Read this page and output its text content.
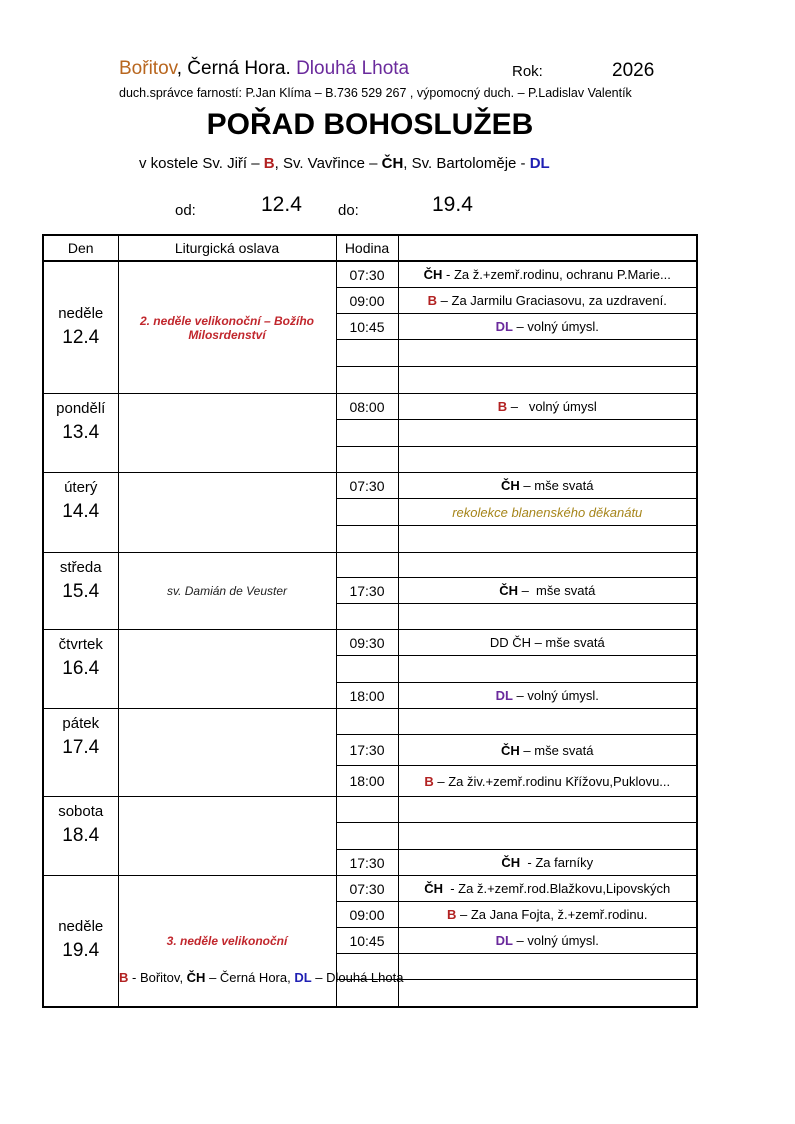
Bořitov, Černá Hora. Dlouhá Lhota	Rok:	2026
duch.správce farností: P.Jan Klíma – B.736 529 267 , výpomocný duch. – P.Ladislav Valentík
POŘAD BOHOSLUŽEB
v kostele Sv. Jiří – B, Sv. Vavřince – ČH, Sv. Bartoloměje - DL
od:	12.4 do:	19.4
Den	Liturgická oslava	Hodina	

neděle
12.4	2. neděle velikonoční – Božího Milosrdenství	07:30	ČH - Za ž.+zemř.rodinu, ochranu P.Marie...
		09:00	B – Za Jarmilu Graciasovu, za uzdravení.
		10:45	DL – volný úmysl.

pondělí
13.4		08:00	B –   volný úmysl

úterý
14.4		07:30	ČH – mše svatá
			rekolekce blanenského děkanátu

středa
15.4	sv. Damián de Veuster		
		17:30	ČH –  mše svatá

čtvrtek
16.4		09:30	DD ČH – mše svatá

		18:00	DL – volný úmysl.

pátek
17.4			

		17:30	ČH – mše svatá
		18:00	B – Za živ.+zemř.rodinu Křížovu,Puklovu...

sobota
18.4			

		17:30	ČH  - Za farníky

neděle
19.4	3. neděle velikonoční	07:30	ČH  - Za ž.+zemř.rod.Blažkovu,Lipovských
		09:00	B – Za Jana Fojta, ž.+zemř.rodinu.
		10:45	DL – volný úmysl.

B - Bořitov, ČH – Černá Hora, DL – Dlouhá Lhota
